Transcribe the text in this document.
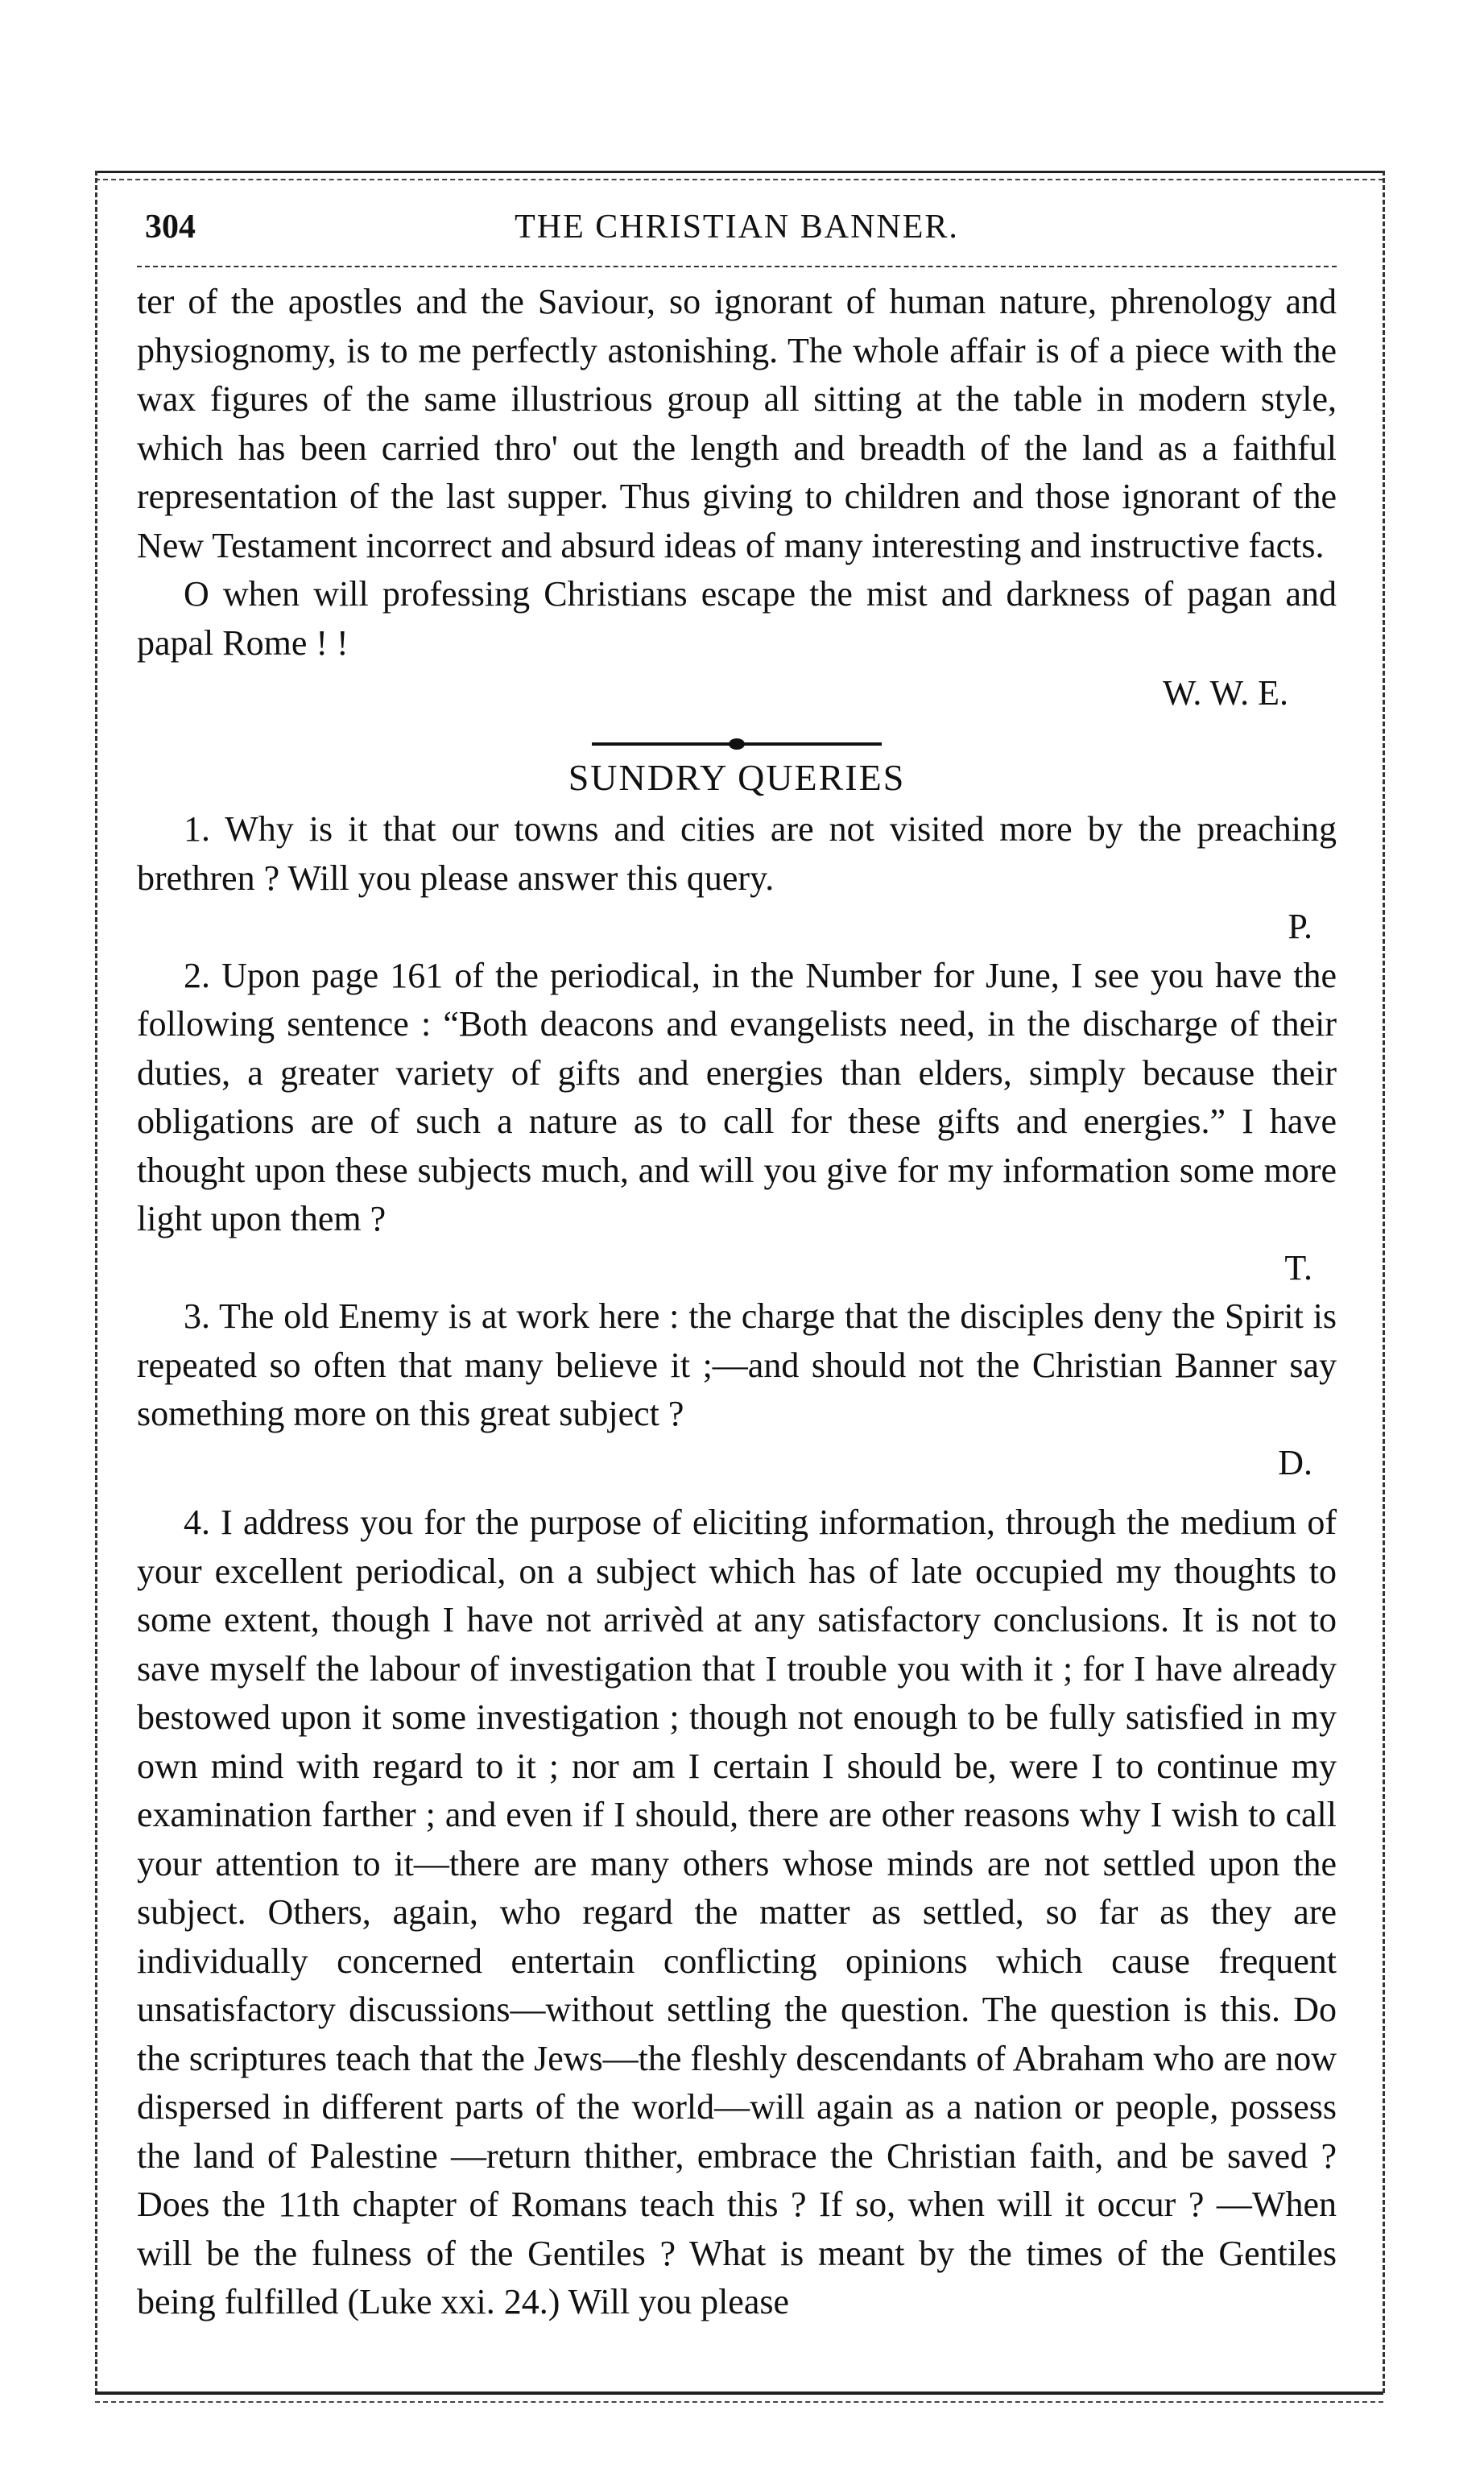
304	THE CHRISTIAN BANNER.

ter of the apostles and the Saviour, so ignorant of human nature, phrenology and physiognomy, is to me perfectly astonishing. The whole affair is of a piece with the wax figures of the same illustrious group all sitting at the table in modern style, which has been carried thro' out the length and breadth of the land as a faithful representation of the last supper. Thus giving to children and those ignorant of the New Testament incorrect and absurd ideas of many interesting and instructive facts.

O when will professing Christians escape the mist and darkness of pagan and papal Rome ! !

W. W. E.

SUNDRY QUERIES

1. Why is it that our towns and cities are not visited more by the preaching brethren ? Will you please answer this query.

P.

2. Upon page 161 of the periodical, in the Number for June, I see you have the following sentence : “Both deacons and evangelists need, in the discharge of their duties, a greater variety of gifts and energies than elders, simply because their obligations are of such a nature as to call for these gifts and energies.” I have thought upon these subjects much, and will you give for my information some more light upon them ?

T.

3. The old Enemy is at work here : the charge that the disciples deny the Spirit is repeated so often that many believe it ;—and should not the Christian Banner say something more on this great subject ?

D.

4. I address you for the purpose of eliciting information, through the medium of your excellent periodical, on a subject which has of late occupied my thoughts to some extent, though I have not arrivèd at any satisfactory conclusions. It is not to save myself the labour of investigation that I trouble you with it ; for I have already bestowed upon it some investigation ; though not enough to be fully satisfied in my own mind with regard to it ; nor am I certain I should be, were I to continue my examination farther ; and even if I should, there are other reasons why I wish to call your attention to it—there are many others whose minds are not settled upon the subject. Others, again, who regard the matter as settled, so far as they are individually concerned entertain conflicting opinions which cause frequent unsatisfactory discussions—without settling the question. The question is this. Do the scriptures teach that the Jews—the fleshly descendants of Abraham who are now dispersed in different parts of the world—will again as a nation or people, possess the land of Palestine —return thither, embrace the Christian faith, and be saved ? Does the 11th chapter of Romans teach this ? If so, when will it occur ? —When will be the fulness of the Gentiles ? What is meant by the times of the Gentiles being fulfilled (Luke xxi. 24.) Will you please
